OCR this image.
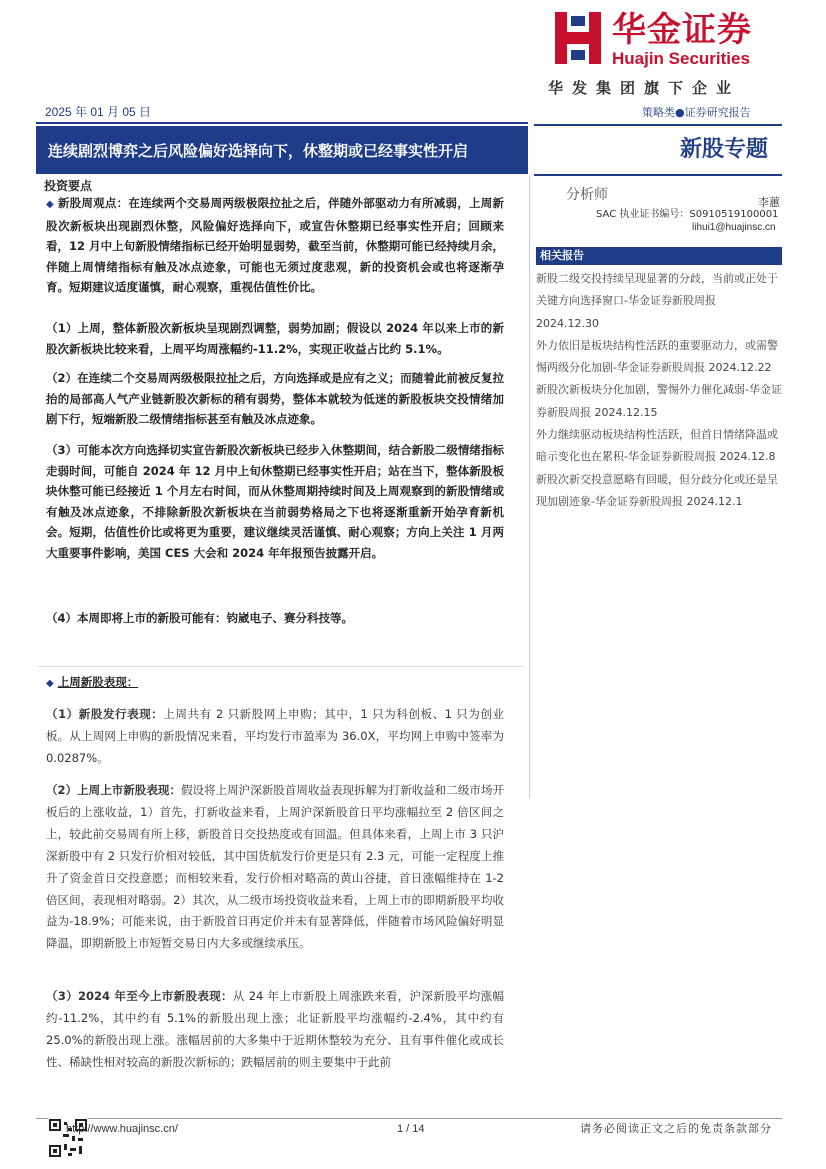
华金证券
Huajin Securities
华发集团旗下企业
2025 年 01 月 05 日	策略类●证券研究报告
连续剧烈博弈之后风险偏好选择向下，休整期或已经事实性开启	新股专题
分析师	李蕙
SAC 执业证书编号：S0910519100001
lihui1@huajinsc.cn
相关报告
新股二级交投持续呈现显著的分歧，当前或正处于关键方向选择窗口-华金证券新股周报 2024.12.30
外力依旧是板块结构性活跃的重要驱动力，或需警惕两级分化加剧-华金证券新股周报 2024.12.22
新股次新板块分化加剧，警惕外力催化减弱-华金证券新股周报 2024.12.15
外力继续驱动板块结构性活跃，但首日情绪降温或暗示变化也在累积-华金证券新股周报 2024.12.8
新股次新交投意愿略有回暖，但分歧分化或还是呈现加剧迹象-华金证券新股周报 2024.12.1
投资要点
◆ 新股周观点：在连续两个交易周两级极限拉扯之后，伴随外部驱动力有所减弱，上周新股次新板块出现剧烈休整，风险偏好选择向下，或宣告休整期已经事实性开启；回顾来看，12 月中上旬新股情绪指标已经开始明显弱势，截至当前，休整期可能已经持续月余，伴随上周情绪指标有触及冰点迹象，可能也无须过度悲观，新的投资机会或也将逐渐孕育。短期建议适度谨慎，耐心观察，重视估值性价比。
（1）上周，整体新股次新板块呈现剧烈调整，弱势加剧；假设以 2024 年以来上市的新股次新板块比较来看，上周平均周涨幅约-11.2%，实现正收益占比约 5.1%。
（2）在连续二个交易周两级极限拉扯之后，方向选择或是应有之义；而随着此前被反复拉抬的局部高人气产业链新股次新标的稍有弱势，整体本就较为低迷的新股板块交投情绪加剧下行，短端新股二级情绪指标甚至有触及冰点迹象。
（3）可能本次方向选择切实宣告新股次新板块已经步入休整期间，结合新股二级情绪指标走弱时间，可能自 2024 年 12 月中上旬休整期已经事实性开启；站在当下，整体新股板块休整可能已经接近 1 个月左右时间，而从休整周期持续时间及上周观察到的新股情绪或有触及冰点迹象，不排除新股次新板块在当前弱势格局之下也将逐渐重新开始孕育新机会。短期，估值性价比或将更为重要，建议继续灵活谨慎、耐心观察；方向上关注 1 月两大重要事件影响，美国 CES 大会和 2024 年年报预告披露开启。
（4）本周即将上市的新股可能有：钧崴电子、赛分科技等。
◆ 上周新股表现：
（1）新股发行表现：上周共有 2 只新股网上申购；其中，1 只为科创板、1 只为创业板。从上周网上申购的新股情况来看，平均发行市盈率为 36.0X，平均网上申购中签率为 0.0287%。
（2）上周上市新股表现：假设将上周沪深新股首周收益表现拆解为打新收益和二级市场开板后的上涨收益，1）首先，打新收益来看，上周沪深新股首日平均涨幅拉至 2 倍区间之上，较此前交易周有所上移，新股首日交投热度或有回温。但具体来看，上周上市 3 只沪深新股中有 2 只发行价相对较低，其中国货航发行价更是只有 2.3 元，可能一定程度上推升了资金首日交投意愿；而相较来看，发行价相对略高的黄山谷捷，首日涨幅维持在 1-2 倍区间，表现相对略弱。2）其次，从二级市场投资收益来看，上周上市的即期新股平均收益为-18.9%；可能来说，由于新股首日再定价并未有显著降低，伴随着市场风险偏好明显降温，即期新股上市短暂交易日内大多或继续承压。
（3）2024 年至今上市新股表现：从 24 年上市新股上周涨跌来看，沪深新股平均涨幅约-11.2%，其中约有 5.1%的新股出现上涨；北证新股平均涨幅约-2.4%，其中约有 25.0%的新股出现上涨。涨幅居前的大多集中于近期休整较为充分、且有事件催化或成长性、稀缺性相对较高的新股次新标的；跌幅居前的则主要集中于此前
http://www.huajinsc.cn/	1 / 14	请务必阅读正文之后的免责条款部分
